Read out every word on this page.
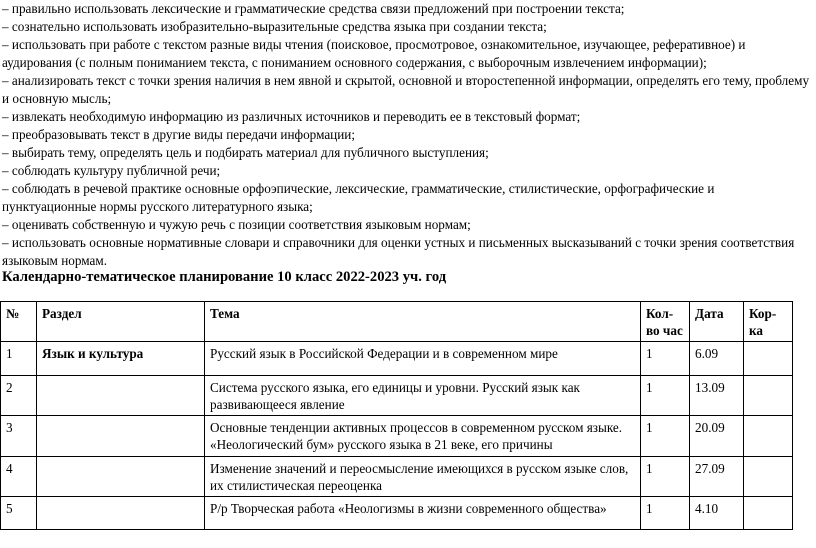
– правильно использовать лексические и грамматические средства связи предложений при построении текста;

– сознательно использовать изобразительно-выразительные средства языка при создании текста;

– использовать при работе с текстом разные виды чтения (поисковое, просмотровое, ознакомительное, изучающее, реферативное) и аудирования (с полным пониманием текста, с пониманием основного содержания, с выборочным извлечением информации);

– анализировать текст с точки зрения наличия в нем явной и скрытой, основной и второстепенной информации, определять его тему, проблему и основную мысль;

– извлекать необходимую информацию из различных источников и переводить ее в текстовый формат;

– преобразовывать текст в другие виды передачи информации;

– выбирать тему, определять цель и подбирать материал для публичного выступления;

– соблюдать культуру публичной речи;

– соблюдать в речевой практике основные орфоэпические, лексические, грамматические, стилистические, орфографические и пунктуационные нормы русского литературного языка;

– оценивать собственную и чужую речь с позиции соответствия языковым нормам;

– использовать основные нормативные словари и справочники для оценки устных и письменных высказываний с точки зрения соответствия языковым нормам.

Календарно-тематическое планирование 10 класс 2022-2023 уч. год
№	Раздел	Тема	Кол-во час	Дата	Кор-ка
1	Язык и культура	Русский язык в Российской Федерации и в современном мире	1	6.09	
2		Система русского языка, его единицы и уровни. Русский язык как развивающееся явление	1	13.09	
3		Основные тенденции активных процессов в современном русском языке. «Неологический бум» русского языка в 21 веке, его причины	1	20.09	
4		Изменение значений и переосмысление имеющихся в русском языке слов, их стилистическая переоценка	1	27.09	
5		Р/р Творческая работа «Неологизмы в жизни современного общества»	1	4.10	
